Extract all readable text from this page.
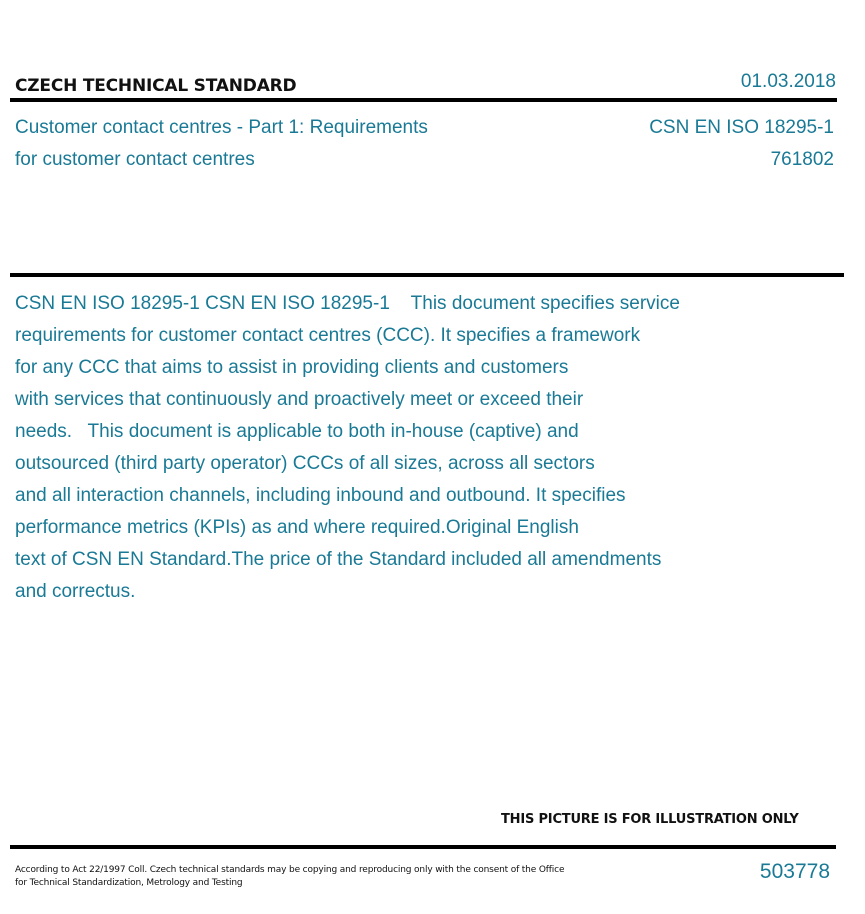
CZECH TECHNICAL STANDARD	01.03.2018
Customer contact centres - Part 1: Requirements
for customer contact centres
CSN EN ISO 18295-1
761802
CSN EN ISO 18295-1 CSN EN ISO 18295-1    This document specifies service
requirements for customer contact centres (CCC). It specifies a framework
for any CCC that aims to assist in providing clients and customers
with services that continuously and proactively meet or exceed their
needs.   This document is applicable to both in-house (captive) and
outsourced (third party operator) CCCs of all sizes, across all sectors
and all interaction channels, including inbound and outbound. It specifies
performance metrics (KPIs) as and where required.Original English
text of CSN EN Standard.The price of the Standard included all amendments
and correctus.
THIS PICTURE IS FOR ILLUSTRATION ONLY
According to Act 22/1997 Coll. Czech technical standards may be copying and reproducing only with the consent of the Office
for Technical Standardization, Metrology and Testing	503778
